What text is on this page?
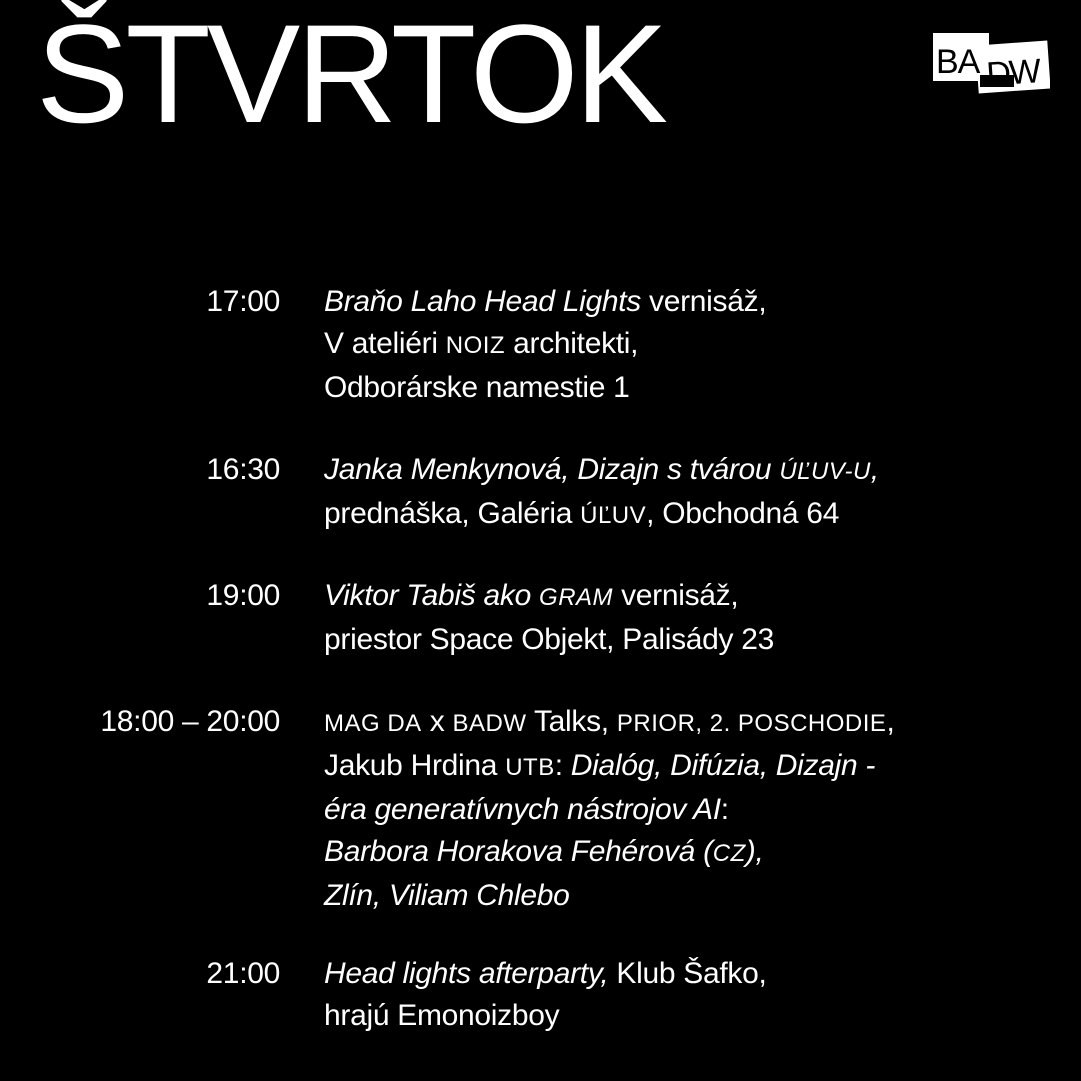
ŠTVRTOK	BA DW
17:00 Braňo Laho Head Lights vernisáž,
V ateliéri NOIZ architekti,
Odborárske namestie 1
16:30 Janka Menkynová, Dizajn s tvárou ÚĽUV-U,
prednáška, Galéria ÚĽUV, Obchodná 64
19:00 Viktor Tabiš ako GRAM vernisáž,
priestor Space Objekt, Palisády 23
18:00 – 20:00 MAG DA x BADW Talks, PRIOR, 2. POSCHODIE,
Jakub Hrdina UTB: Dialóg, Difúzia, Dizajn -
éra generatívnych nástrojov AI:
Barbora Horakova Fehérová (CZ),
Zlín, Viliam Chlebo
21:00 Head lights afterparty, Klub Šafko,
hrajú Emonoizboy
